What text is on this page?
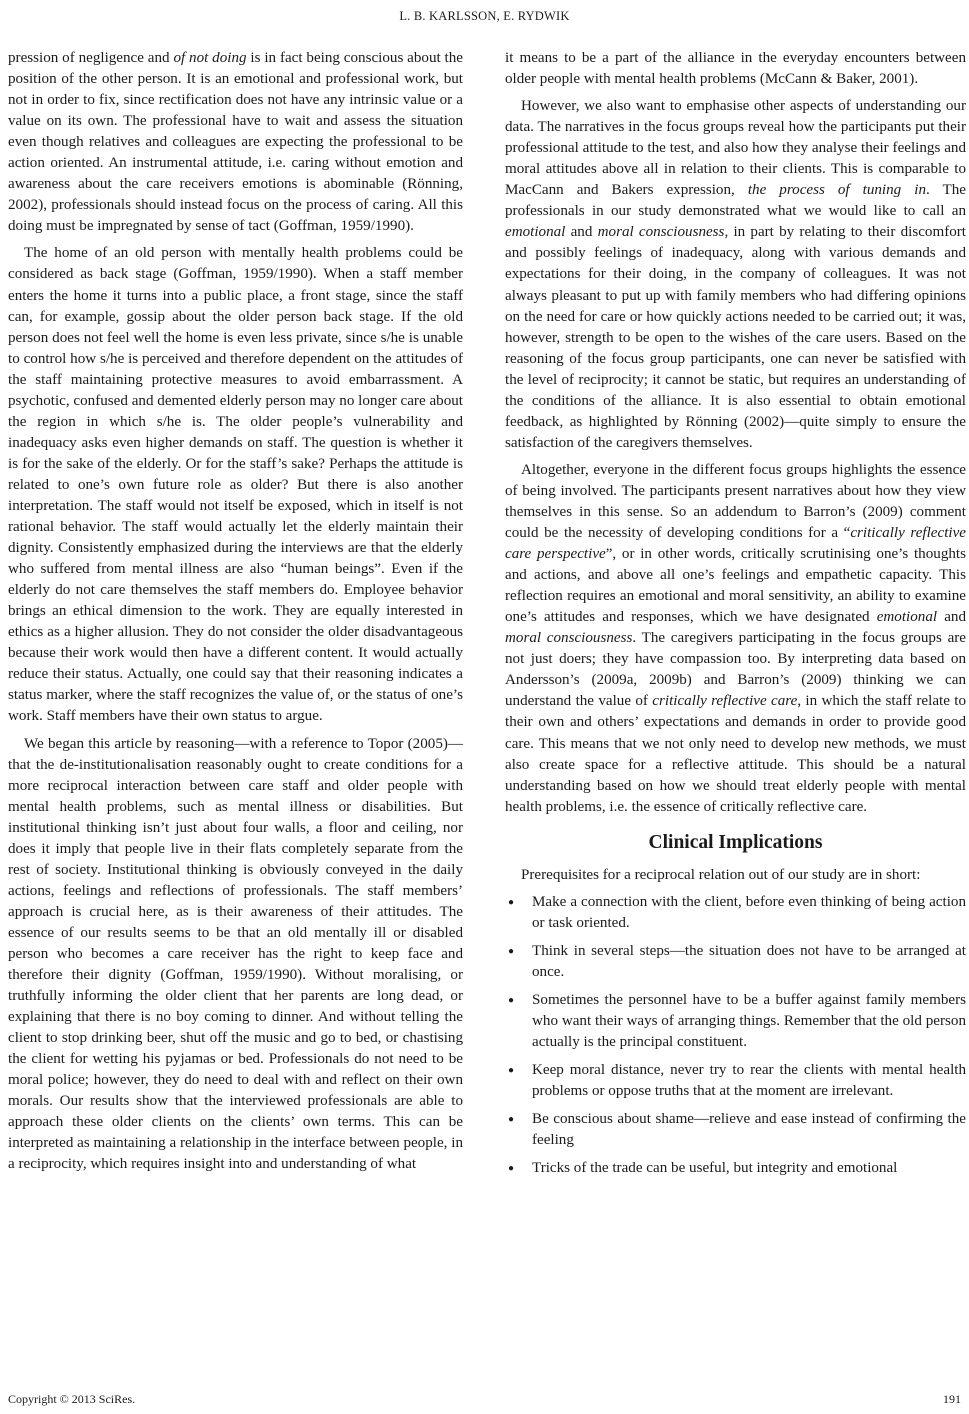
L. B. KARLSSON, E. RYDWIK

pression of negligence and of not doing is in fact being conscious about the position of the other person. It is an emotional and professional work, but not in order to fix, since rectification does not have any intrinsic value or a value on its own. The professional have to wait and assess the situation even though relatives and colleagues are expecting the professional to be action oriented. An instrumental attitude, i.e. caring without emotion and awareness about the care receivers emotions is abominable (Rönning, 2002), professionals should instead focus on the process of caring. All this doing must be impregnated by sense of tact (Goffman, 1959/1990).

The home of an old person with mentally health problems could be considered as back stage (Goffman, 1959/1990). When a staff member enters the home it turns into a public place, a front stage, since the staff can, for example, gossip about the older person back stage. If the old person does not feel well the home is even less private, since s/he is unable to control how s/he is perceived and therefore dependent on the attitudes of the staff maintaining protective measures to avoid embarrassment. A psychotic, confused and demented elderly person may no longer care about the region in which s/he is. The older people’s vulnerability and inadequacy asks even higher demands on staff. The question is whether it is for the sake of the elderly. Or for the staff’s sake? Perhaps the attitude is related to one’s own future role as older? But there is also another interpretation. The staff would not itself be exposed, which in itself is not rational behavior. The staff would actually let the elderly maintain their dignity. Consistently emphasized during the interviews are that the elderly who suffered from mental illness are also “human beings”. Even if the elderly do not care themselves the staff members do. Employee behavior brings an ethical dimension to the work. They are equally interested in ethics as a higher allusion. They do not consider the older disadvantageous because their work would then have a different content. It would actually reduce their status. Actually, one could say that their reasoning indicates a status marker, where the staff recognizes the value of, or the status of one’s work. Staff members have their own status to argue.

We began this article by reasoning—with a reference to Topor (2005)—that the de-institutionalisation reasonably ought to create conditions for a more reciprocal interaction between care staff and older people with mental health problems, such as mental illness or disabilities. But institutional thinking isn’t just about four walls, a floor and ceiling, nor does it imply that people live in their flats completely separate from the rest of society. Institutional thinking is obviously conveyed in the daily actions, feelings and reflections of professionals. The staff members’ approach is crucial here, as is their awareness of their attitudes. The essence of our results seems to be that an old mentally ill or disabled person who becomes a care receiver has the right to keep face and therefore their dignity (Goffman, 1959/1990). Without moralising, or truthfully informing the older client that her parents are long dead, or explaining that there is no boy coming to dinner. And without telling the client to stop drinking beer, shut off the music and go to bed, or chastising the client for wetting his pyjamas or bed. Professionals do not need to be moral police; however, they do need to deal with and reflect on their own morals. Our results show that the interviewed professionals are able to approach these older clients on the clients’ own terms. This can be interpreted as maintaining a relationship in the interface between people, in a reciprocity, which requires insight into and understanding of what

it means to be a part of the alliance in the everyday encounters between older people with mental health problems (McCann & Baker, 2001).

However, we also want to emphasise other aspects of understanding our data. The narratives in the focus groups reveal how the participants put their professional attitude to the test, and also how they analyse their feelings and moral attitudes above all in relation to their clients. This is comparable to MacCann and Bakers expression, the process of tuning in. The professionals in our study demonstrated what we would like to call an emotional and moral consciousness, in part by relating to their discomfort and possibly feelings of inadequacy, along with various demands and expectations for their doing, in the company of colleagues. It was not always pleasant to put up with family members who had differing opinions on the need for care or how quickly actions needed to be carried out; it was, however, strength to be open to the wishes of the care users. Based on the reasoning of the focus group participants, one can never be satisfied with the level of reciprocity; it cannot be static, but requires an understanding of the conditions of the alliance. It is also essential to obtain emotional feedback, as highlighted by Rönning (2002)—quite simply to ensure the satisfaction of the caregivers themselves.

Altogether, everyone in the different focus groups highlights the essence of being involved. The participants present narratives about how they view themselves in this sense. So an addendum to Barron’s (2009) comment could be the necessity of developing conditions for a “critically reflective care perspective”, or in other words, critically scrutinising one’s thoughts and actions, and above all one’s feelings and empathetic capacity. This reflection requires an emotional and moral sensitivity, an ability to examine one’s attitudes and responses, which we have designated emotional and moral consciousness. The caregivers participating in the focus groups are not just doers; they have compassion too. By interpreting data based on Andersson’s (2009a, 2009b) and Barron’s (2009) thinking we can understand the value of critically reflective care, in which the staff relate to their own and others’ expectations and demands in order to provide good care. This means that we not only need to develop new methods, we must also create space for a reflective attitude. This should be a natural understanding based on how we should treat elderly people with mental health problems, i.e. the essence of critically reflective care.

Clinical Implications

Prerequisites for a reciprocal relation out of our study are in short:

● Make a connection with the client, before even thinking of being action or task oriented.
● Think in several steps—the situation does not have to be arranged at once.
● Sometimes the personnel have to be a buffer against family members who want their ways of arranging things. Remember that the old person actually is the principal constituent.
● Keep moral distance, never try to rear the clients with mental health problems or oppose truths that at the moment are irrelevant.
● Be conscious about shame—relieve and ease instead of confirming the feeling
● Tricks of the trade can be useful, but integrity and emotional
Copyright © 2013 SciRes.	191
